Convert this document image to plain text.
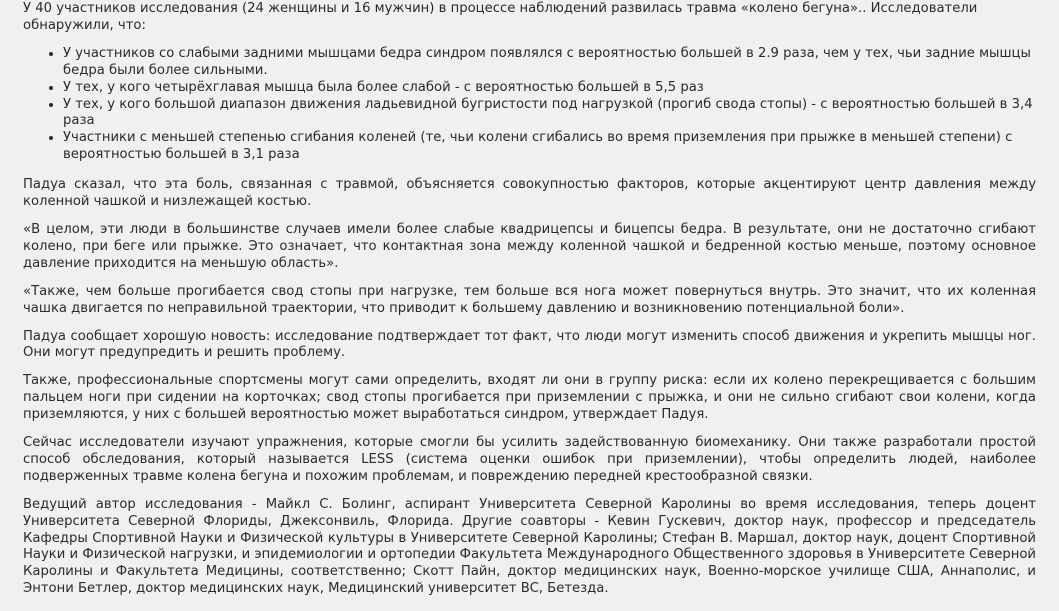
У 40 участников исследования (24 женщины и 16 мужчин) в процессе наблюдений развилась травма «колено бегуна».. Исследователи обнаружили, что:

• У участников со слабыми задними мышцами бедра синдром появлялся с вероятностью большей в 2.9 раза, чем у тех, чьи задние мышцы бедра были более сильными.
• У тех, у кого четырёхглавая мышца была более слабой - с вероятностью большей в 5,5 раз
• У тех, у кого большой диапазон движения ладьевидной бугристости под нагрузкой (прогиб свода стопы) - с вероятностью большей в 3,4 раза
• Участники с меньшей степенью сгибания коленей (те, чьи колени сгибались во время приземления при прыжке в меньшей степени) с вероятностью большей в 3,1 раза

Падуа сказал, что эта боль, связанная с травмой, объясняется совокупностью факторов, которые акцентируют центр давления между коленной чашкой и низлежащей костью.

«В целом, эти люди в большинстве случаев имели более слабые квадрицепсы и бицепсы бедра. В результате, они не достаточно сгибают колено, при беге или прыжке. Это означает, что контактная зона между коленной чашкой и бедренной костью меньше, поэтому основное давление приходится на меньшую область».

«Также, чем больше прогибается свод стопы при нагрузке, тем больше вся нога может повернуться внутрь. Это значит, что их коленная чашка двигается по неправильной траектории, что приводит к большему давлению и возникновению потенциальной боли».

Падуа сообщает хорошую новость: исследование подтверждает тот факт, что люди могут изменить способ движения и укрепить мышцы ног. Они могут предупредить и решить проблему.

Также, профессиональные спортсмены могут сами определить, входят ли они в группу риска: если их колено перекрещивается с большим пальцем ноги при сидении на корточках; свод стопы прогибается при приземлении с прыжка, и они не сильно сгибают свои колени, когда приземляются, у них с большей вероятностью может выработаться синдром, утверждает Падуя.

Сейчас исследователи изучают упражнения, которые смогли бы усилить задействованную биомеханику. Они также разработали простой способ обследования, который называется LESS (система оценки ошибок при приземлении), чтобы определить людей, наиболее подверженных травме колена бегуна и похожим проблемам, и повреждению передней крестообразной связки.

Ведущий автор исследования - Майкл С. Болинг, аспирант Университета Северной Каролины во время исследования, теперь доцент Университета Северной Флориды, Джексонвиль, Флорида. Другие соавторы - Кевин Гускевич, доктор наук, профессор и председатель Кафедры Спортивной Науки и Физической культуры в Университете Северной Каролины; Стефан В. Маршал, доктор наук, доцент Спортивной Науки и Физической нагрузки, и эпидемиологии и ортопедии Факультета Международного Общественного здоровья в Университете Северной Каролины и Факультета Медицины, соответственно; Скотт Пайн, доктор медицинских наук, Военно-морское училище США, Аннаполис, и Энтони Бетлер, доктор медицинских наук, Медицинский университет BC, Бетезда.
